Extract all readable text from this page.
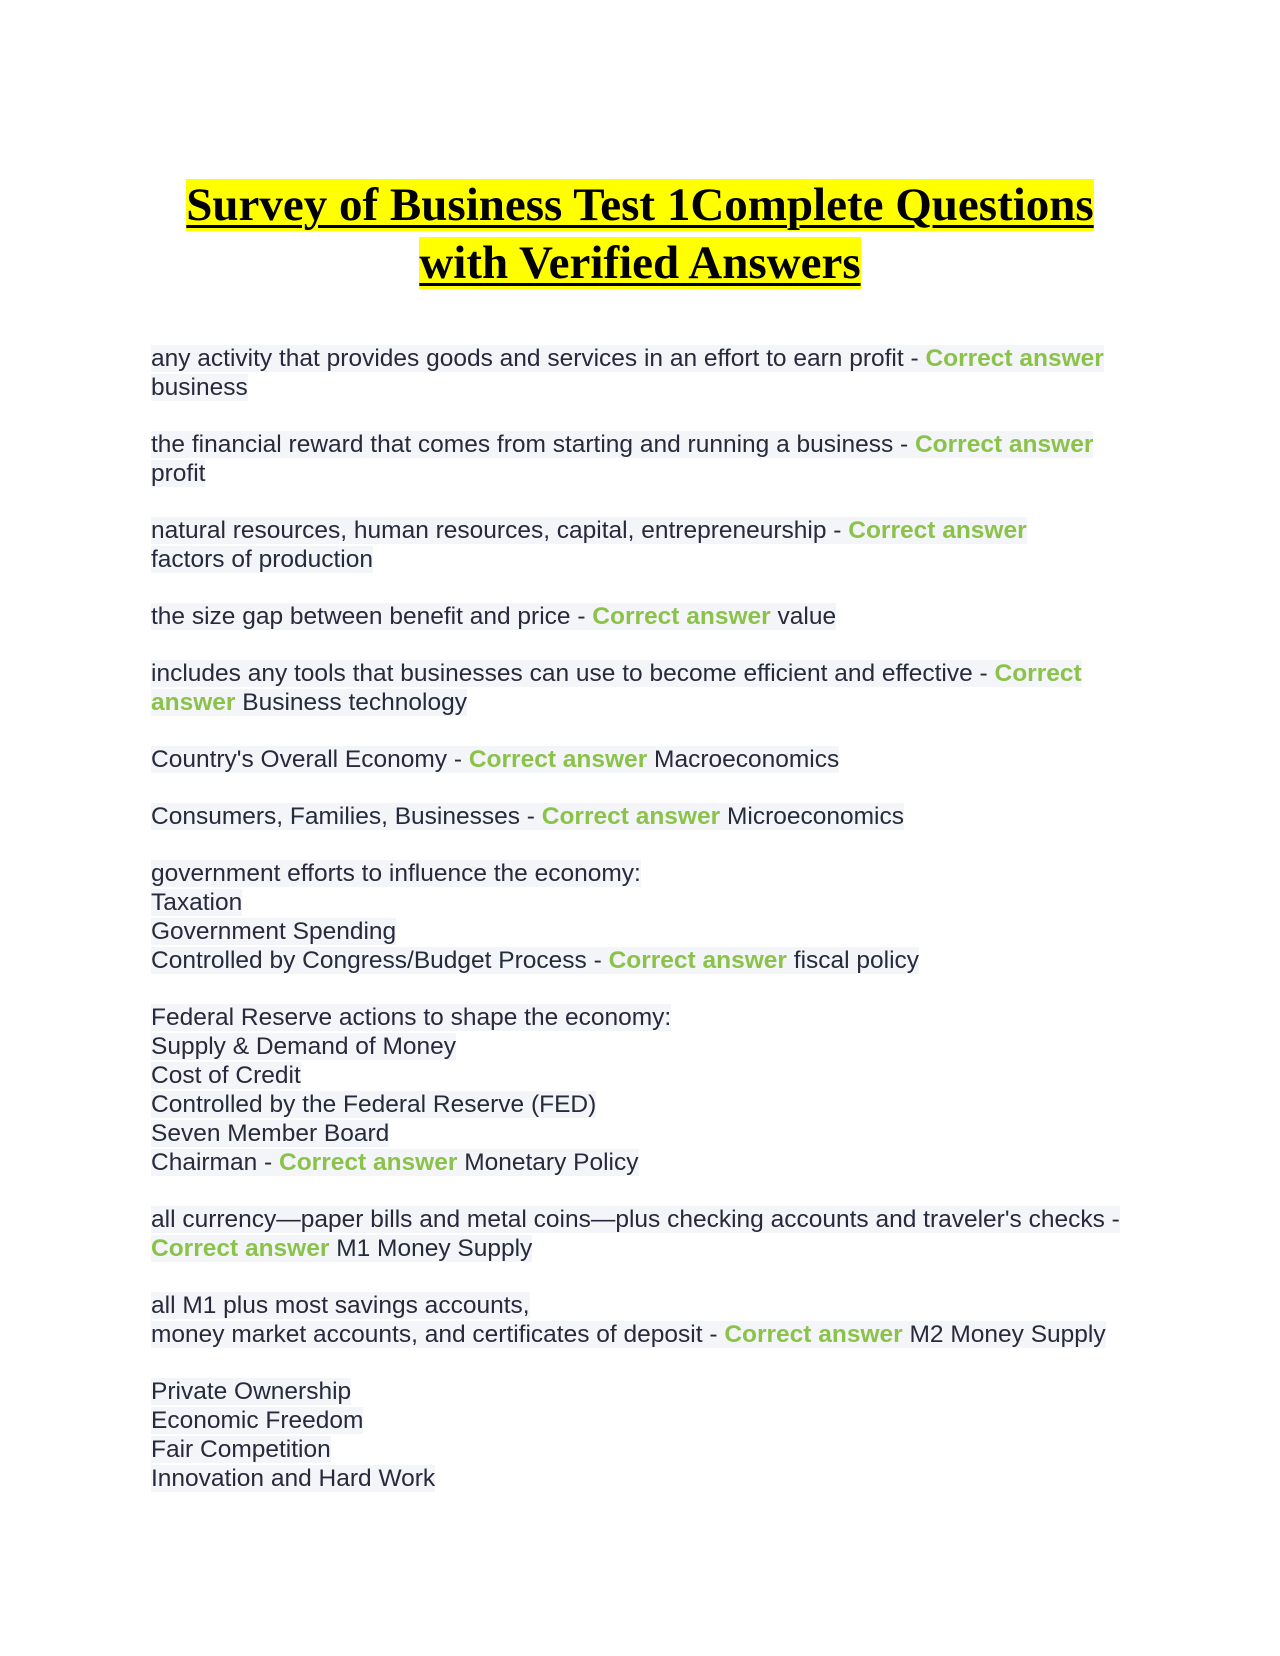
Survey of Business Test 1Complete Questions
with Verified Answers
any activity that provides goods and services in an effort to earn profit - Correct answer
business
the financial reward that comes from starting and running a business - Correct answer
profit
natural resources, human resources, capital, entrepreneurship - Correct answer
factors of production
the size gap between benefit and price - Correct answer value
includes any tools that businesses can use to become efficient and effective - Correct answer Business technology
Country's Overall Economy - Correct answer Macroeconomics
Consumers, Families, Businesses - Correct answer Microeconomics
government efforts to influence the economy:
Taxation
Government Spending
Controlled by Congress/Budget Process - Correct answer fiscal policy
Federal Reserve actions to shape the economy:
Supply & Demand of Money
Cost of Credit
Controlled by the Federal Reserve (FED)
Seven Member Board
Chairman - Correct answer Monetary Policy
all currency—paper bills and metal coins—plus checking accounts and traveler's checks - Correct answer M1 Money Supply
all M1 plus most savings accounts,
money market accounts, and certificates of deposit - Correct answer M2 Money Supply
Private Ownership
Economic Freedom
Fair Competition
Innovation and Hard Work
